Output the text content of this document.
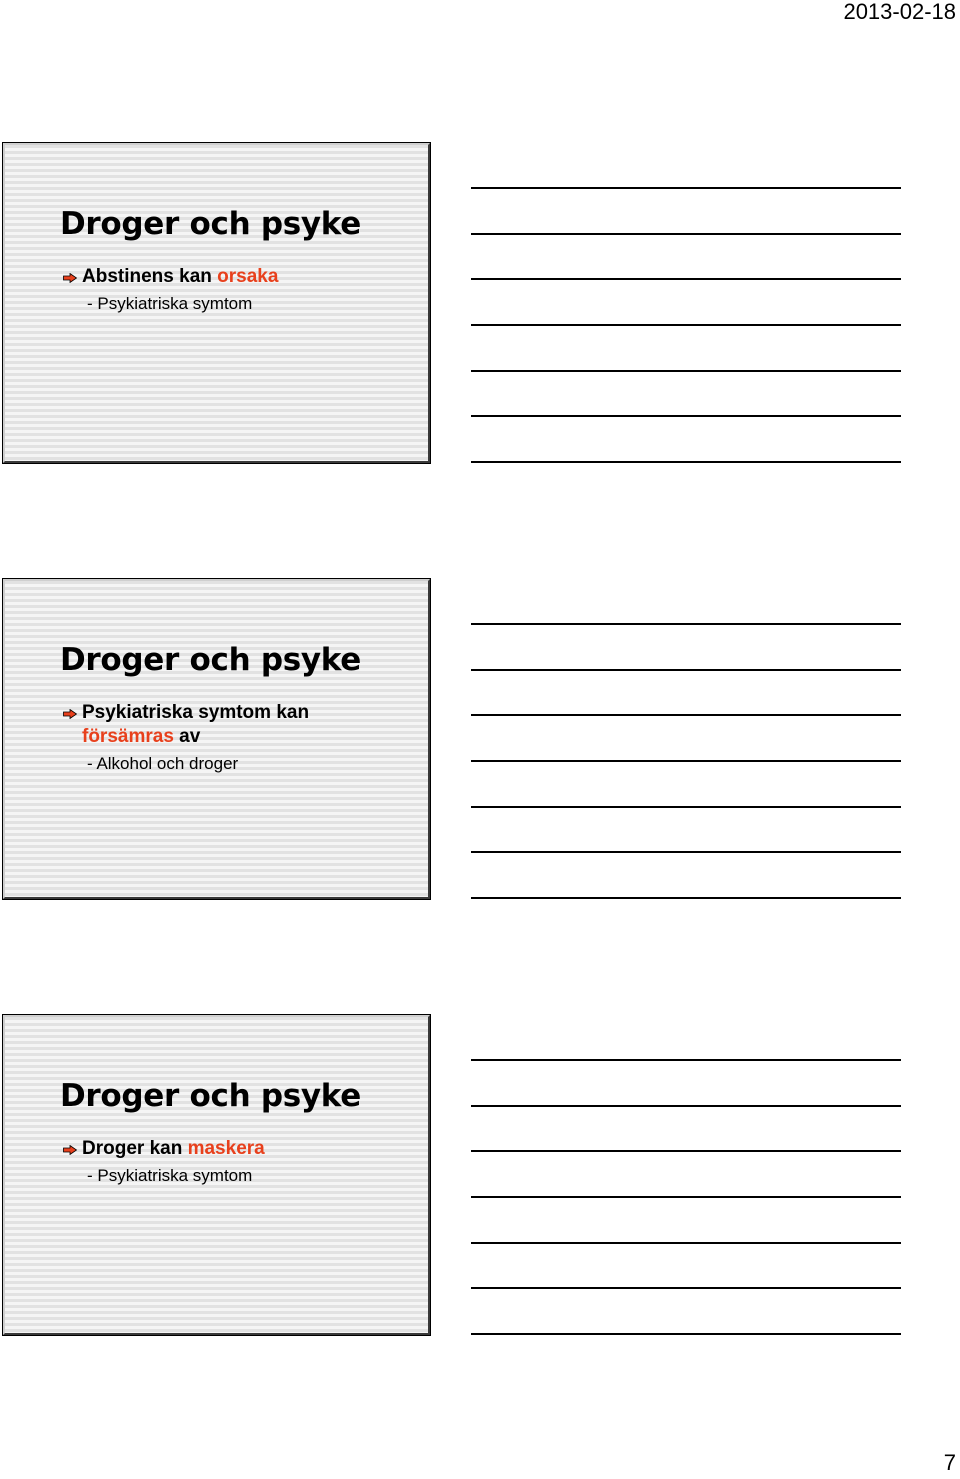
2013-02-18
Droger och psyke
Abstinens kan orsaka
- Psykiatriska symtom
Droger och psyke
Psykiatriska symtom kan försämras av
- Alkohol och droger
Droger och psyke
Droger kan maskera
- Psykiatriska symtom
7
